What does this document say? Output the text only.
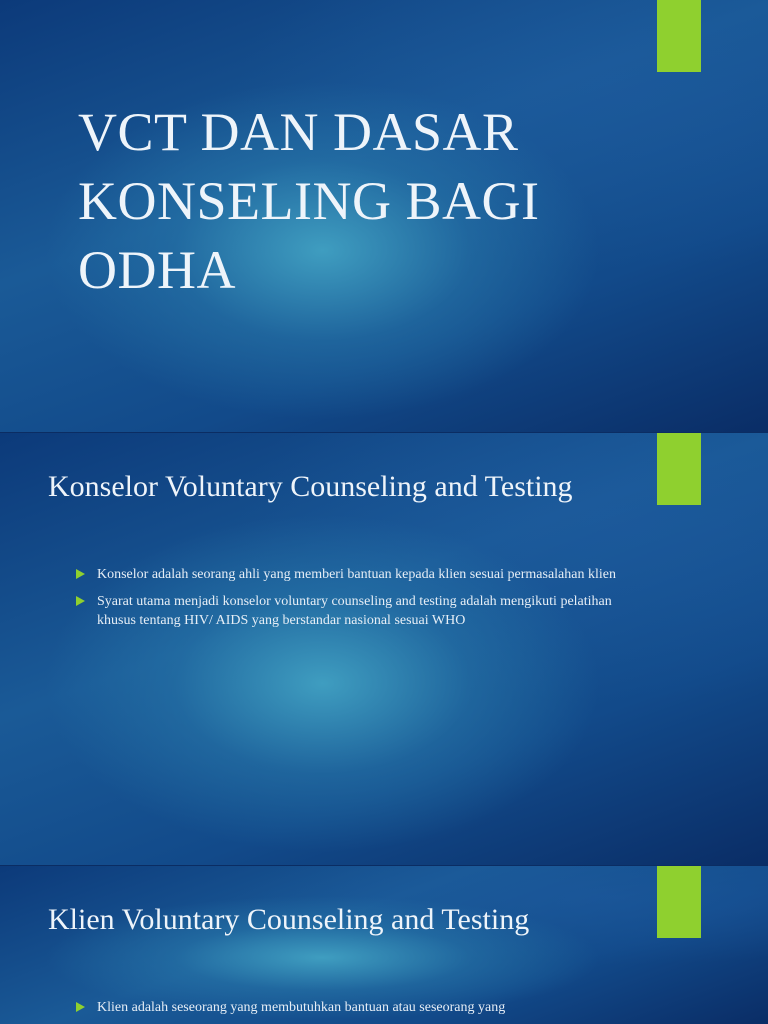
VCT DAN DASAR
KONSELING BAGI
ODHA
Konselor Voluntary Counseling and Testing
Konselor adalah seorang ahli yang memberi bantuan kepada klien sesuai permasalahan klien
Syarat utama menjadi konselor voluntary counseling and testing adalah mengikuti pelatihan khusus tentang HIV/ AIDS yang berstandar nasional sesuai WHO
Klien Voluntary Counseling and Testing
Klien adalah seseorang yang membutuhkan bantuan atau seseorang yang
